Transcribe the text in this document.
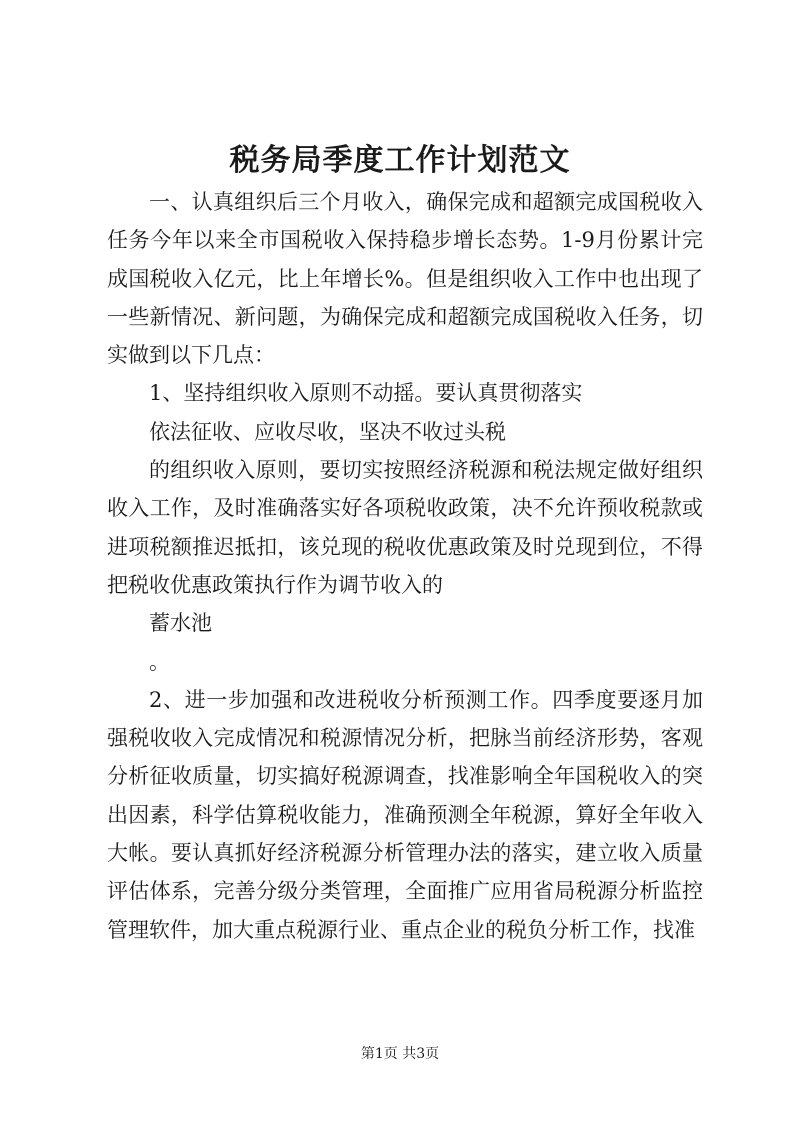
税务局季度工作计划范文

一、认真组织后三个月收入，确保完成和超额完成国税收入任务今年以来全市国税收入保持稳步增长态势。1-9月份累计完成国税收入亿元，比上年增长%。但是组织收入工作中也出现了一些新情况、新问题，为确保完成和超额完成国税收入任务，切实做到以下几点：

1、坚持组织收入原则不动摇。要认真贯彻落实

依法征收、应收尽收，坚决不收过头税

的组织收入原则，要切实按照经济税源和税法规定做好组织收入工作，及时准确落实好各项税收政策，决不允许预收税款或进项税额推迟抵扣，该兑现的税收优惠政策及时兑现到位，不得把税收优惠政策执行作为调节收入的

蓄水池

。

2、进一步加强和改进税收分析预测工作。四季度要逐月加强税收收入完成情况和税源情况分析，把脉当前经济形势，客观分析征收质量，切实搞好税源调查，找准影响全年国税收入的突出因素，科学估算税收能力，准确预测全年税源，算好全年收入大帐。要认真抓好经济税源分析管理办法的落实，建立收入质量评估体系，完善分级分类管理，全面推广应用省局税源分析监控管理软件，加大重点税源行业、重点企业的税负分析工作，找准

第1页 共3页
